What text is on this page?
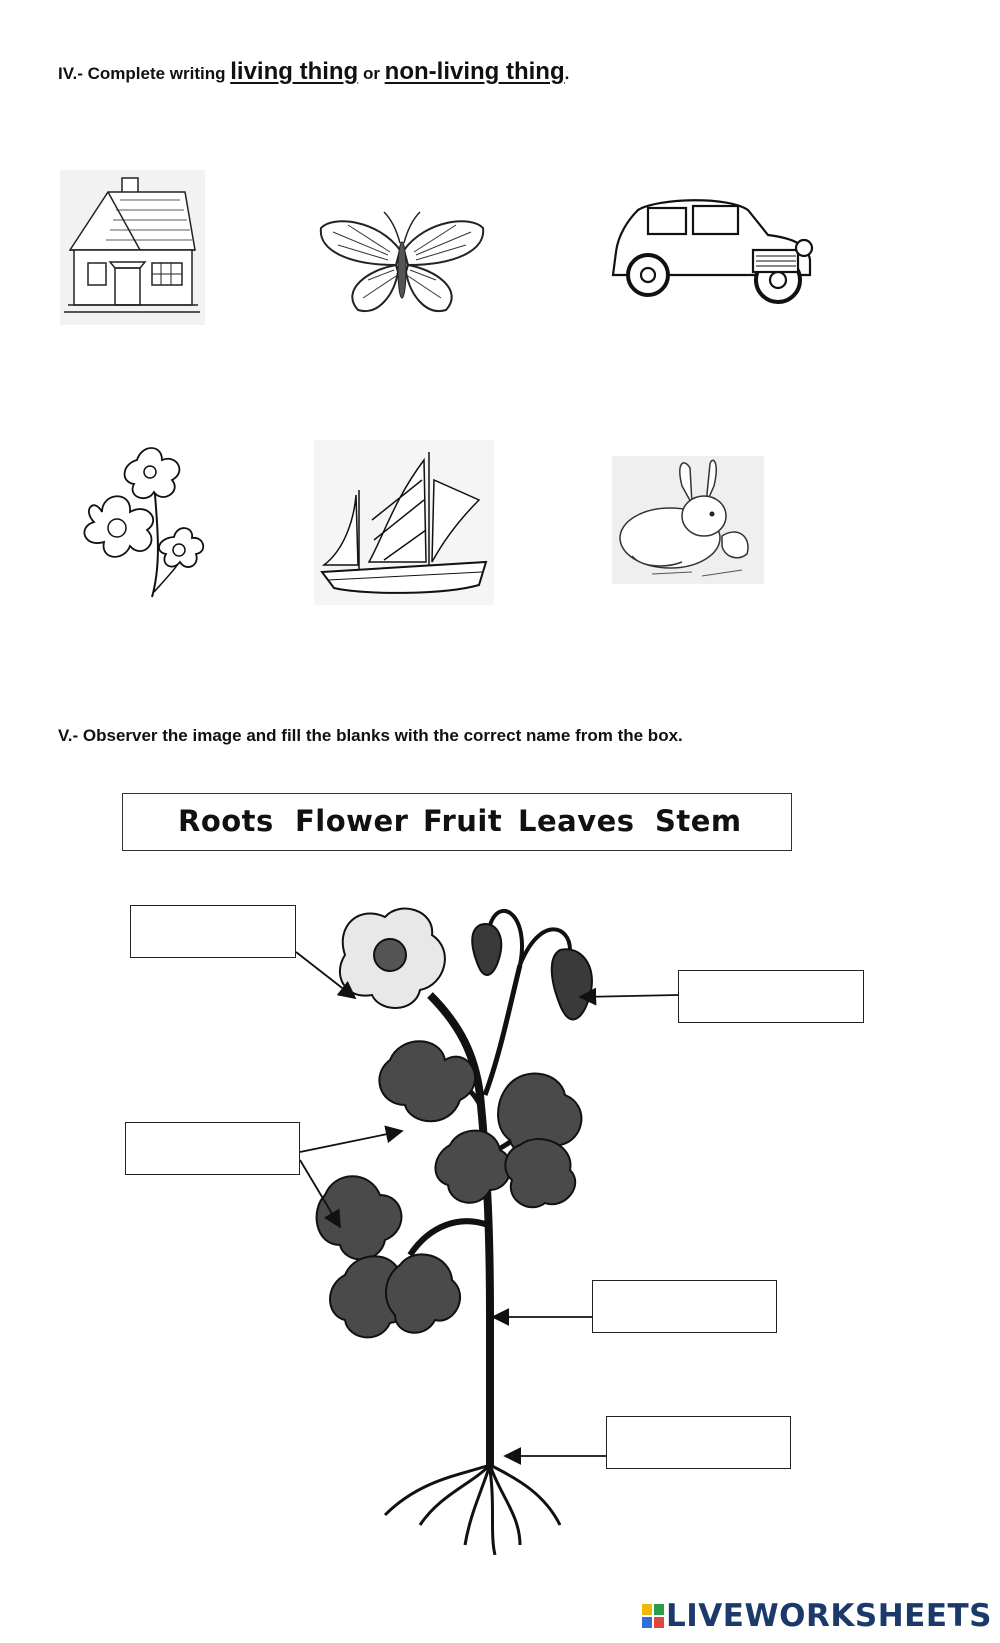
IV.- Complete writing living thing or non-living thing.
V.- Observer the image and fill the blanks with the correct name from the box.
Roots Flower Fruit Leaves Stem
LIVEWORKSHEETS
